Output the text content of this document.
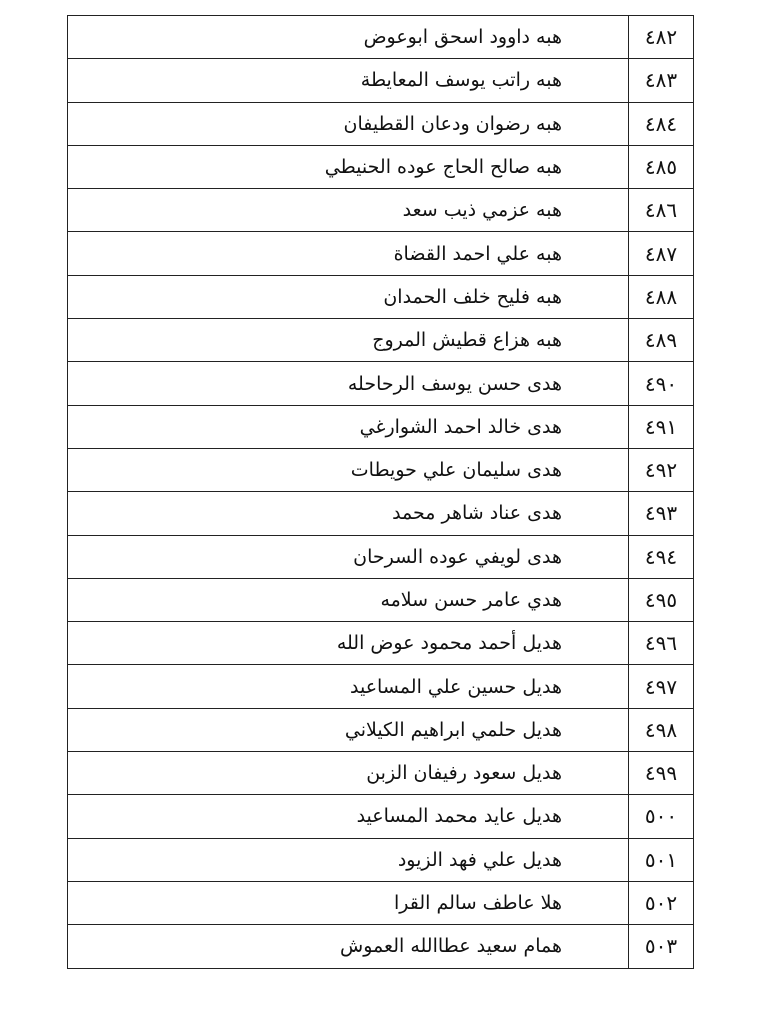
٤٨٢	هبه داوود اسحق ابوعوض
٤٨٣	هبه راتب يوسف المعايطة
٤٨٤	هبه رضوان ودعان القطيفان
٤٨٥	هبه صالح الحاج عوده الحنيطي
٤٨٦	هبه عزمي ذيب سعد
٤٨٧	هبه علي احمد القضاة
٤٨٨	هبه فليح خلف الحمدان
٤٨٩	هبه هزاع قطيش المروج
٤٩٠	هدى حسن يوسف الرحاحله
٤٩١	هدى خالد احمد الشوارغي
٤٩٢	هدى سليمان علي حويطات
٤٩٣	هدى عناد شاهر محمد
٤٩٤	هدى لويفي عوده السرحان
٤٩٥	هدي عامر حسن سلامه
٤٩٦	هديل أحمد محمود عوض الله
٤٩٧	هديل حسين علي المساعيد
٤٩٨	هديل حلمي ابراهيم الكيلاني
٤٩٩	هديل سعود رفيفان الزبن
٥٠٠	هديل عايد محمد المساعيد
٥٠١	هديل علي فهد الزيود
٥٠٢	هلا عاطف سالم القرا
٥٠٣	همام سعيد عطاالله العموش
